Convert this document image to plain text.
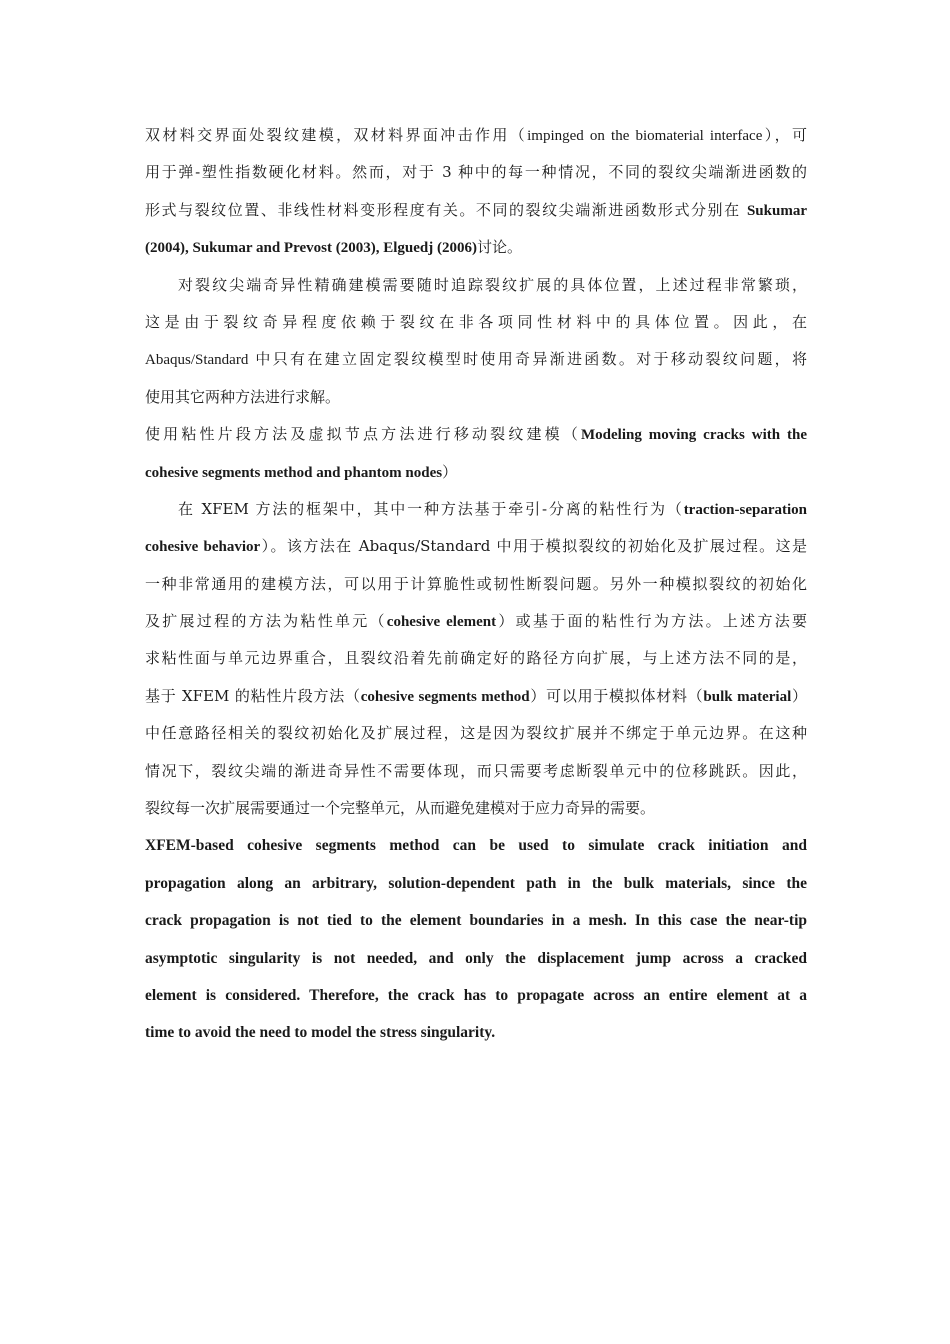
双材料交界面处裂纹建模，双材料界面冲击作用（impinged on the biomaterial interface），可
用于弹-塑性指数硬化材料。然而，对于 3 种中的每一种情况，不同的裂纹尖端渐进函数的
形式与裂纹位置、非线性材料变形程度有关。不同的裂纹尖端渐进函数形式分别在 Sukumar
(2004), Sukumar and Prevost (2003), Elguedj (2006)讨论。
对裂纹尖端奇异性精确建模需要随时追踪裂纹扩展的具体位置，上述过程非常繁琐，
这是由于裂纹奇异程度依赖于裂纹在非各项同性材料中的具体位置。因此，在
Abaqus/Standard 中只有在建立固定裂纹模型时使用奇异渐进函数。对于移动裂纹问题，将
使用其它两种方法进行求解。
使用粘性片段方法及虚拟节点方法进行移动裂纹建模（Modeling moving cracks with the
cohesive segments method and phantom nodes）
在 XFEM 方法的框架中，其中一种方法基于牵引-分离的粘性行为（traction-separation
cohesive behavior）。该方法在 Abaqus/Standard 中用于模拟裂纹的初始化及扩展过程。这是
一种非常通用的建模方法，可以用于计算脆性或韧性断裂问题。另外一种模拟裂纹的初始化
及扩展过程的方法为粘性单元（cohesive element）或基于面的粘性行为方法。上述方法要
求粘性面与单元边界重合，且裂纹沿着先前确定好的路径方向扩展，与上述方法不同的是，
基于 XFEM 的粘性片段方法（cohesive segments method）可以用于模拟体材料（bulk material）
中任意路径相关的裂纹初始化及扩展过程，这是因为裂纹扩展并不绑定于单元边界。在这种
情况下，裂纹尖端的渐进奇异性不需要体现，而只需要考虑断裂单元中的位移跳跃。因此，
裂纹每一次扩展需要通过一个完整单元，从而避免建模对于应力奇异的需要。
XFEM-based cohesive segments method can be used to simulate crack initiation and
propagation along an arbitrary, solution-dependent path in the bulk materials, since the
crack propagation is not tied to the element boundaries in a mesh. In this case the near-tip
asymptotic singularity is not needed, and only the displacement jump across a cracked
element is considered. Therefore, the crack has to propagate across an entire element at a
time to avoid the need to model the stress singularity.
